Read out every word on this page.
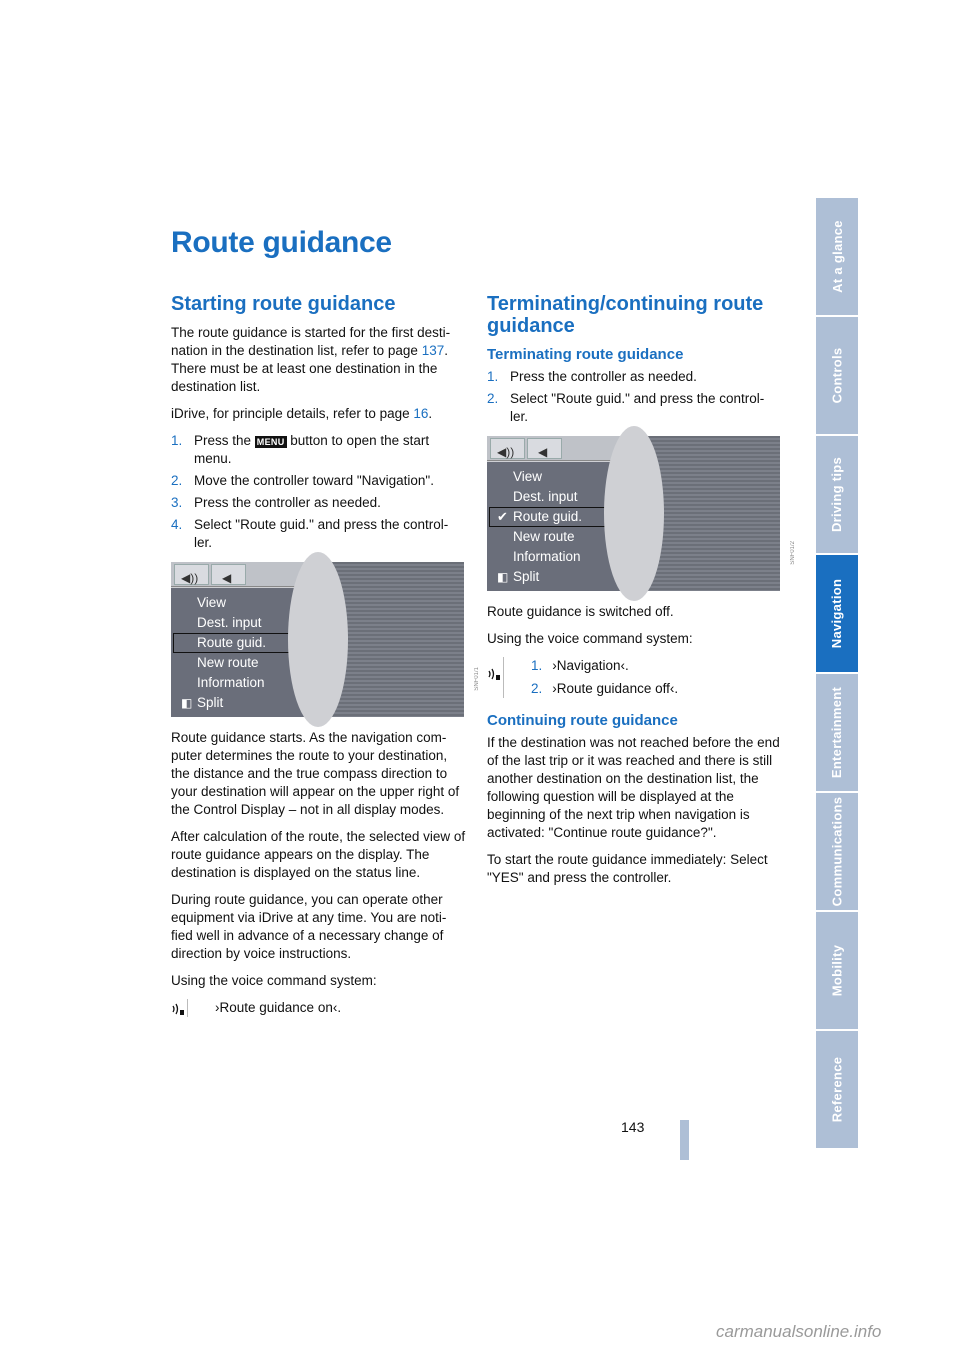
Route guidance
Starting route guidance

The route guidance is started for the first desti-nation in the destination list, refer to page 137. There must be at least one destination in the destination list.

iDrive, for principle details, refer to page 16.

1. Press the MENU button to open the start menu.
2. Move the controller toward "Navigation".
3. Press the controller as needed.
4. Select "Route guid." and press the control-ler.
◀)) ◀
View
Dest. input
Route guid.
New route
Information
◧ Split
SNF01/1

Route guidance starts. As the navigation com-puter determines the route to your destination, the distance and the true compass direction to your destination will appear on the upper right of the Control Display – not in all display modes.

After calculation of the route, the selected view of route guidance appears on the display. The destination is displayed on the status line.

During route guidance, you can operate other equipment via iDrive at any time. You are noti-fied well in advance of a necessary change of direction by voice instructions.

Using the voice command system:

›Route guidance on‹.
Terminating/continuing route guidance
Terminating route guidance
1. Press the controller as needed.
2. Select "Route guid." and press the control-ler.
◀)) ◀
View
Dest. input
✔ Route guid.
New route
Information
◧ Split
SNF01/2

Route guidance is switched off.

Using the voice command system:

1. ›Navigation‹.
2. ›Route guidance off‹.
Continuing route guidance

If the destination was not reached before the end of the last trip or it was reached and there is still another destination on the destination list, the following question will be displayed at the beginning of the next trip when navigation is activated: "Continue route guidance?".

To start the route guidance immediately: Select "YES" and press the controller.

At a glance
Controls
Driving tips
Navigation
Entertainment
Communications
Mobility
Reference
143
carmanualsonline.info
